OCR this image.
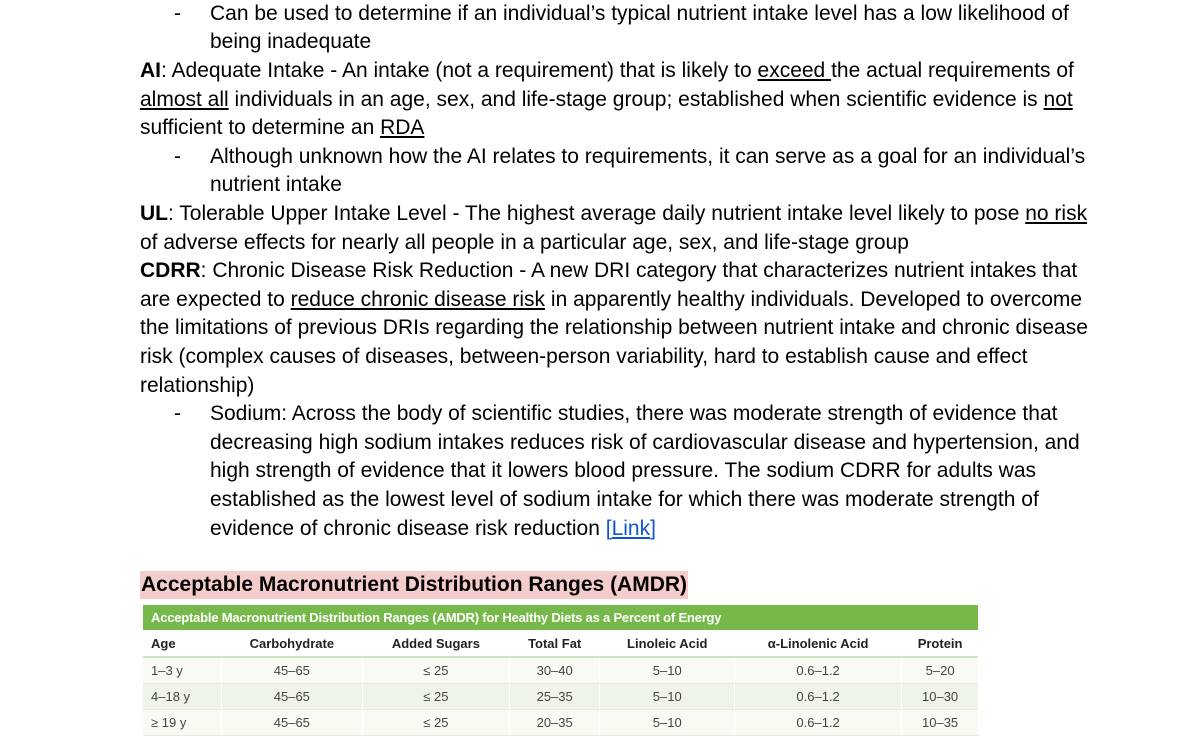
- Can be used to determine if an individual’s typical nutrient intake level has a low likelihood of being inadequate

AI: Adequate Intake - An intake (not a requirement) that is likely to exceed the actual requirements of almost all individuals in an age, sex, and life-stage group; established when scientific evidence is not sufficient to determine an RDA

- Although unknown how the AI relates to requirements, it can serve as a goal for an individual’s nutrient intake

UL: Tolerable Upper Intake Level - The highest average daily nutrient intake level likely to pose no risk of adverse effects for nearly all people in a particular age, sex, and life-stage group

CDRR: Chronic Disease Risk Reduction - A new DRI category that characterizes nutrient intakes that are expected to reduce chronic disease risk in apparently healthy individuals. Developed to overcome the limitations of previous DRIs regarding the relationship between nutrient intake and chronic disease risk (complex causes of diseases, between-person variability, hard to establish cause and effect relationship)

- Sodium: Across the body of scientific studies, there was moderate strength of evidence that decreasing high sodium intakes reduces risk of cardiovascular disease and hypertension, and high strength of evidence that it lowers blood pressure. The sodium CDRR for adults was established as the lowest level of sodium intake for which there was moderate strength of evidence of chronic disease risk reduction [Link]

Acceptable Macronutrient Distribution Ranges (AMDR)
Acceptable Macronutrient Distribution Ranges (AMDR) for Healthy Diets as a Percent of Energy
Age	Carbohydrate	Added Sugars	Total Fat	Linoleic Acid	α-Linolenic Acid	Protein
1–3 y	45–65	≤ 25	30–40	5–10	0.6–1.2	5–20
4–18 y	45–65	≤ 25	25–35	5–10	0.6–1.2	10–30
≥ 19 y	45–65	≤ 25	20–35	5–10	0.6–1.2	10–35
